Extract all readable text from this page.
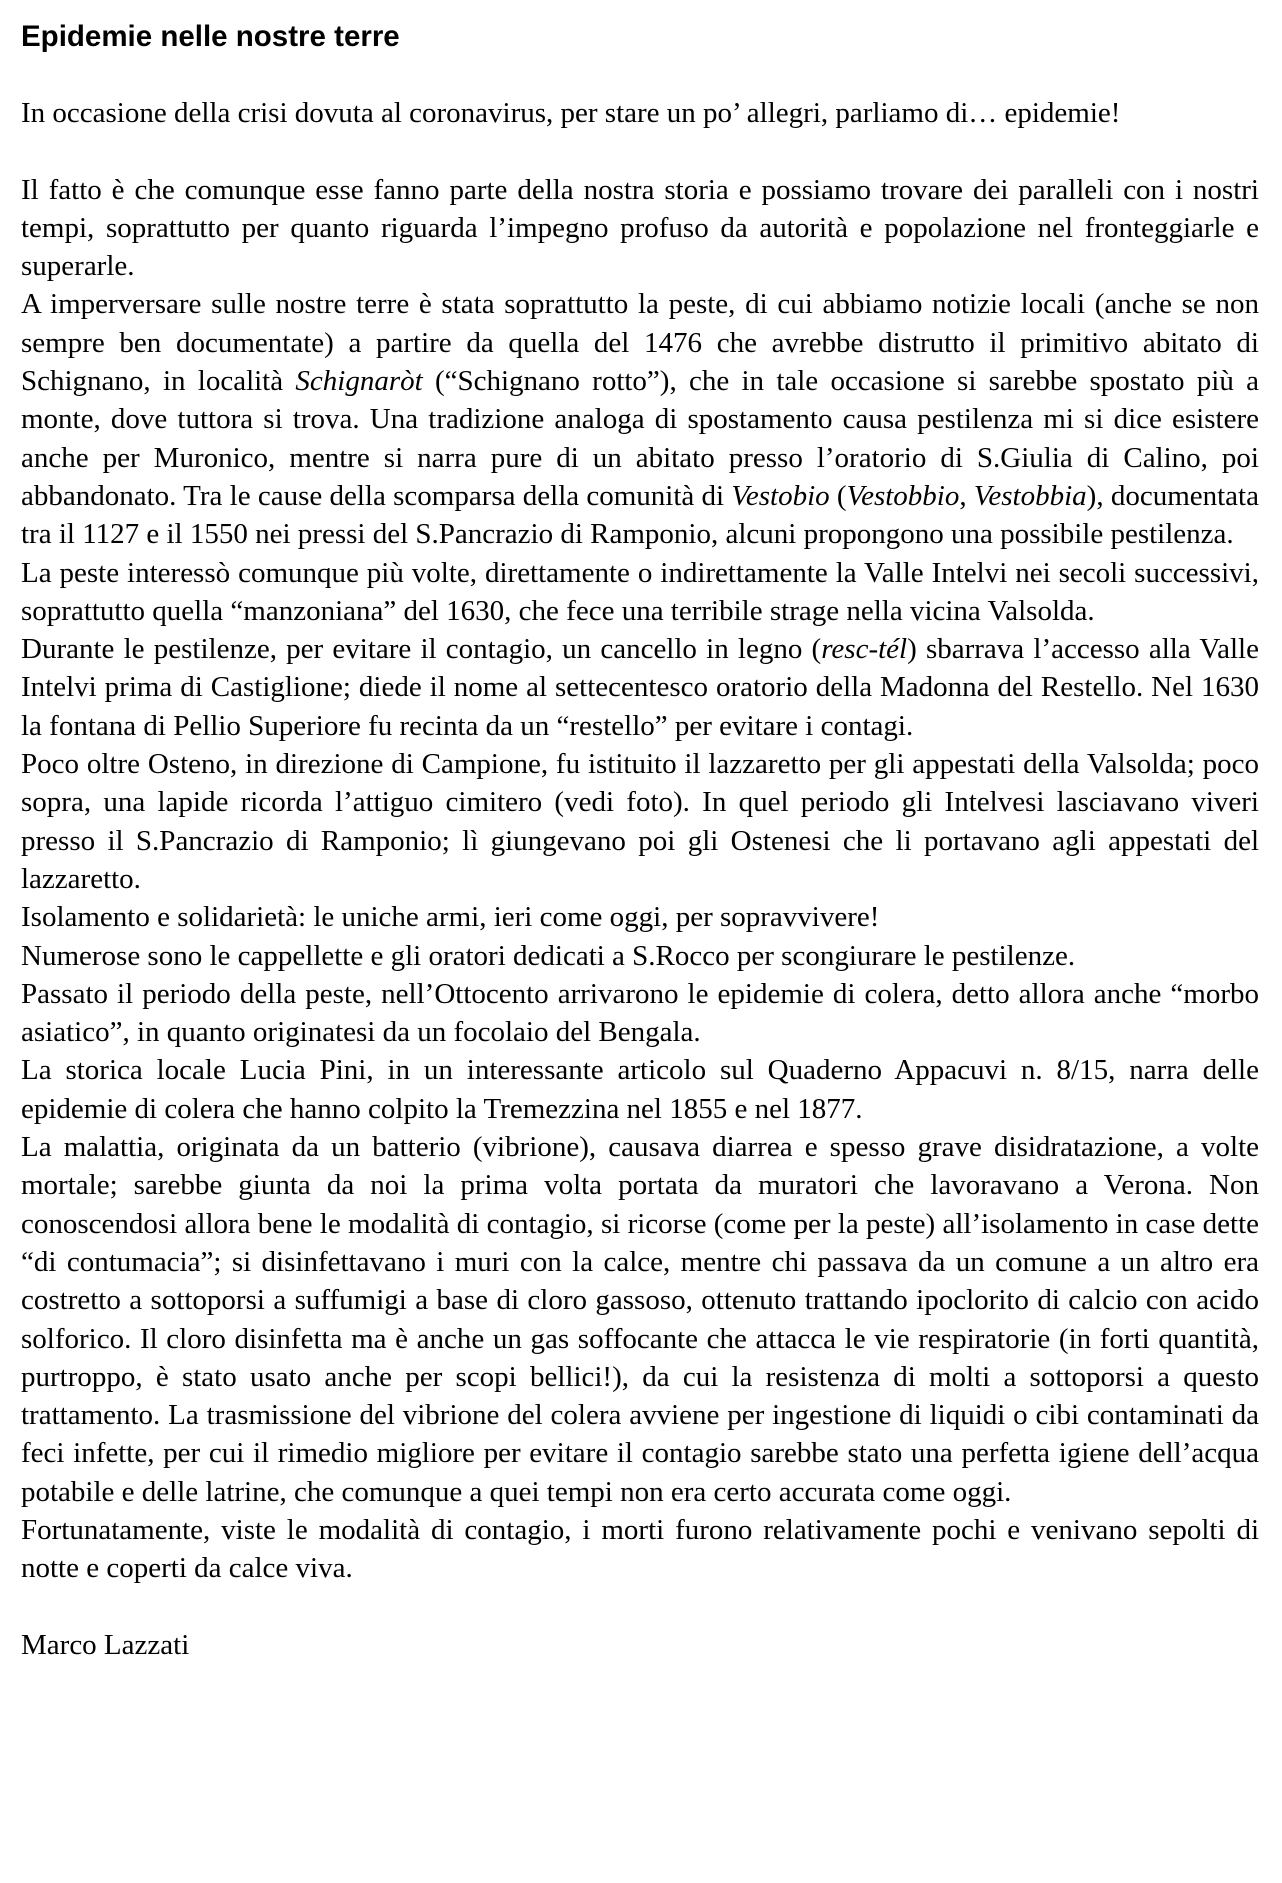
Epidemie nelle nostre terre

In occasione della crisi dovuta al coronavirus, per stare un po’ allegri, parliamo di… epidemie!

Il fatto è che comunque esse fanno parte della nostra storia e possiamo trovare dei paralleli con i nostri tempi, soprattutto per quanto riguarda l’impegno profuso da autorità e popolazione nel fronteggiarle e superarle.

A imperversare sulle nostre terre è stata soprattutto la peste, di cui abbiamo notizie locali (anche se non sempre ben documentate) a partire da quella del 1476 che avrebbe distrutto il primitivo abitato di Schignano, in località Schignaròt (“Schignano rotto”), che in tale occasione si sarebbe spostato più a monte, dove tuttora si trova. Una tradizione analoga di spostamento causa pestilenza mi si dice esistere anche per Muronico, mentre si narra pure di un abitato presso l’oratorio di S.Giulia di Calino, poi abbandonato. Tra le cause della scomparsa della comunità di Vestobio (Vestobbio, Vestobbia), documentata tra il 1127 e il 1550 nei pressi del S.Pancrazio di Ramponio, alcuni propongono una possibile pestilenza.

La peste interessò comunque più volte, direttamente o indirettamente la Valle Intelvi nei secoli successivi, soprattutto quella “manzoniana” del 1630, che fece una terribile strage nella vicina Valsolda.

Durante le pestilenze, per evitare il contagio, un cancello in legno (resc-tél) sbarrava l’accesso alla Valle Intelvi prima di Castiglione; diede il nome al settecentesco oratorio della Madonna del Restello. Nel 1630 la fontana di Pellio Superiore fu recinta da un “restello” per evitare i contagi.

Poco oltre Osteno, in direzione di Campione, fu istituito il lazzaretto per gli appestati della Valsolda; poco sopra, una lapide ricorda l’attiguo cimitero (vedi foto). In quel periodo gli Intelvesi lasciavano viveri presso il S.Pancrazio di Ramponio; lì giungevano poi gli Ostenesi che li portavano agli appestati del lazzaretto.

Isolamento e solidarietà: le uniche armi, ieri come oggi, per sopravvivere!

Numerose sono le cappellette e gli oratori dedicati a S.Rocco per scongiurare le pestilenze.

Passato il periodo della peste, nell’Ottocento arrivarono le epidemie di colera, detto allora anche “morbo asiatico”, in quanto originatesi da un focolaio del Bengala.

La storica locale Lucia Pini, in un interessante articolo sul Quaderno Appacuvi n. 8/15, narra delle epidemie di colera che hanno colpito la Tremezzina nel 1855 e nel 1877.

La malattia, originata da un batterio (vibrione), causava diarrea e spesso grave disidratazione, a volte mortale; sarebbe giunta da noi la prima volta portata da muratori che lavoravano a Verona. Non conoscendosi allora bene le modalità di contagio, si ricorse (come per la peste) all’isolamento in case dette “di contumacia”; si disinfettavano i muri con la calce, mentre chi passava da un comune a un altro era costretto a sottoporsi a suffumigi a base di cloro gassoso, ottenuto trattando ipoclorito di calcio con acido solforico. Il cloro disinfetta ma è anche un gas soffocante che attacca le vie respiratorie (in forti quantità, purtroppo, è stato usato anche per scopi bellici!), da cui la resistenza di molti a sottoporsi a questo trattamento. La trasmissione del vibrione del colera avviene per ingestione di liquidi o cibi contaminati da feci infette, per cui il rimedio migliore per evitare il contagio sarebbe stato una perfetta igiene dell’acqua potabile e delle latrine, che comunque a quei tempi non era certo accurata come oggi.

Fortunatamente, viste le modalità di contagio, i morti furono relativamente pochi e venivano sepolti di notte e coperti da calce viva.

Marco Lazzati
